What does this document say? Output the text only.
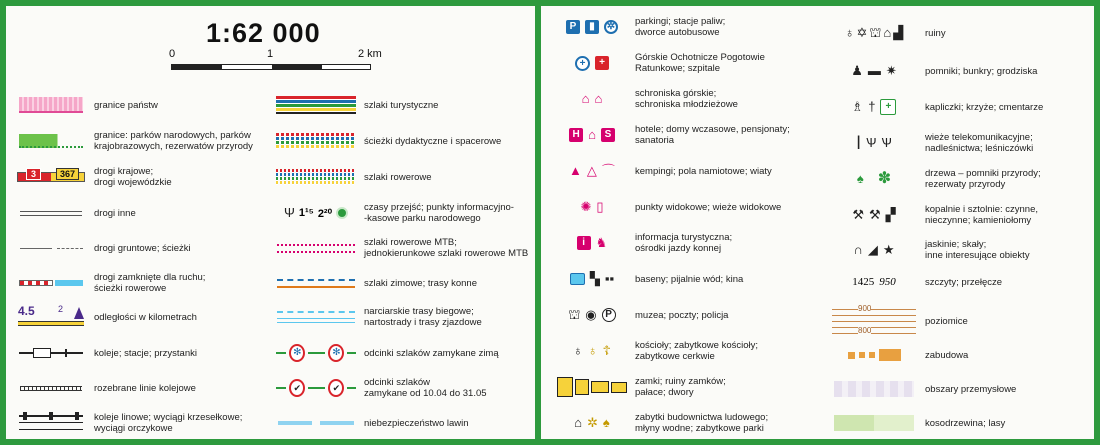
1:62 000
0	1	2 km
granice państw
granice: parków narodowych, parków
krajobrazowych, rezerwatów przyrody
3	367	drogi krajowe;
drogi wojewódzkie
drogi inne
drogi gruntowe; ścieżki
drogi zamknięte dla ruchu;
ścieżki rowerowe
4.5	2
odległości w kilometrach
koleje; stacje; przystanki
rozebrane linie kolejowe
koleje linowe; wyciągi krzesełkowe;
wyciągi orczykowe
szlaki turystyczne
ścieżki dydaktyczne i spacerowe
szlaki rowerowe
Ψ 1¹⁵ 2²⁰	czasy przejść; punkty informacyjno-
-kasowe parku narodowego
szlaki rowerowe MTB;
jednokierunkowe szlaki rowerowe MTB
szlaki zimowe; trasy konne
narciarskie trasy biegowe;
nartostrady i trasy zjazdowe
✻	✻	odcinki szlaków zamykane zimą
✔	✔	odcinki szlaków
zamykane od 10.04 do 31.05
niebezpieczeństwo lawin
P	▮	✲	parkingi; stacje paliw;
dworce autobusowe
+	+	Górskie Ochotnicze Pogotowie
Ratunkowe; szpitale
⌂ ⌂	schroniska górskie;
schroniska młodzieżowe
H ⌂ S	hotele; domy wczasowe, pensjonaty;
sanatoria
▲ △ ⌒	kempingi; pola namiotowe; wiaty
✺ ▯	punkty widokowe; wieże widokowe
i ♞	informacja turystyczna;
ośrodki jazdy konnej
▚ ▪▪	baseny; pijalnie wód; kina
⛫ ◉ P	muzea; poczty; policja
♁ ♁ ☦	kościoły; zabytkowe kościoły;
zabytkowe cerkwie
zamki; ruiny zamków;
pałace; dwory
⌂ ✲ ♠	zabytki budownictwa ludowego;
młyny wodne; zabytkowe parki
♁ ✡ ⛫ ⌂ ▟	ruiny
♟ ▬ ✷	pomniki; bunkry; grodziska
♗ †	+	kapliczki; krzyże; cmentarze
ǀ Ѱ Ѱ	wieże telekomunikacyjne;
nadleśnictwa; leśniczówki
♠ ✽	drzewa – pomniki przyrody;
rezerwaty przyrody
⚒ ⚒ ▞	kopalnie i sztolnie: czynne,
nieczynne; kamieniołomy
∩ ◢ ★	jaskinie; skały;
inne interesujące obiekty
1425 950	szczyty; przełęcze
900
800
poziomice
zabudowa
obszary przemysłowe
kosodrzewina; lasy
